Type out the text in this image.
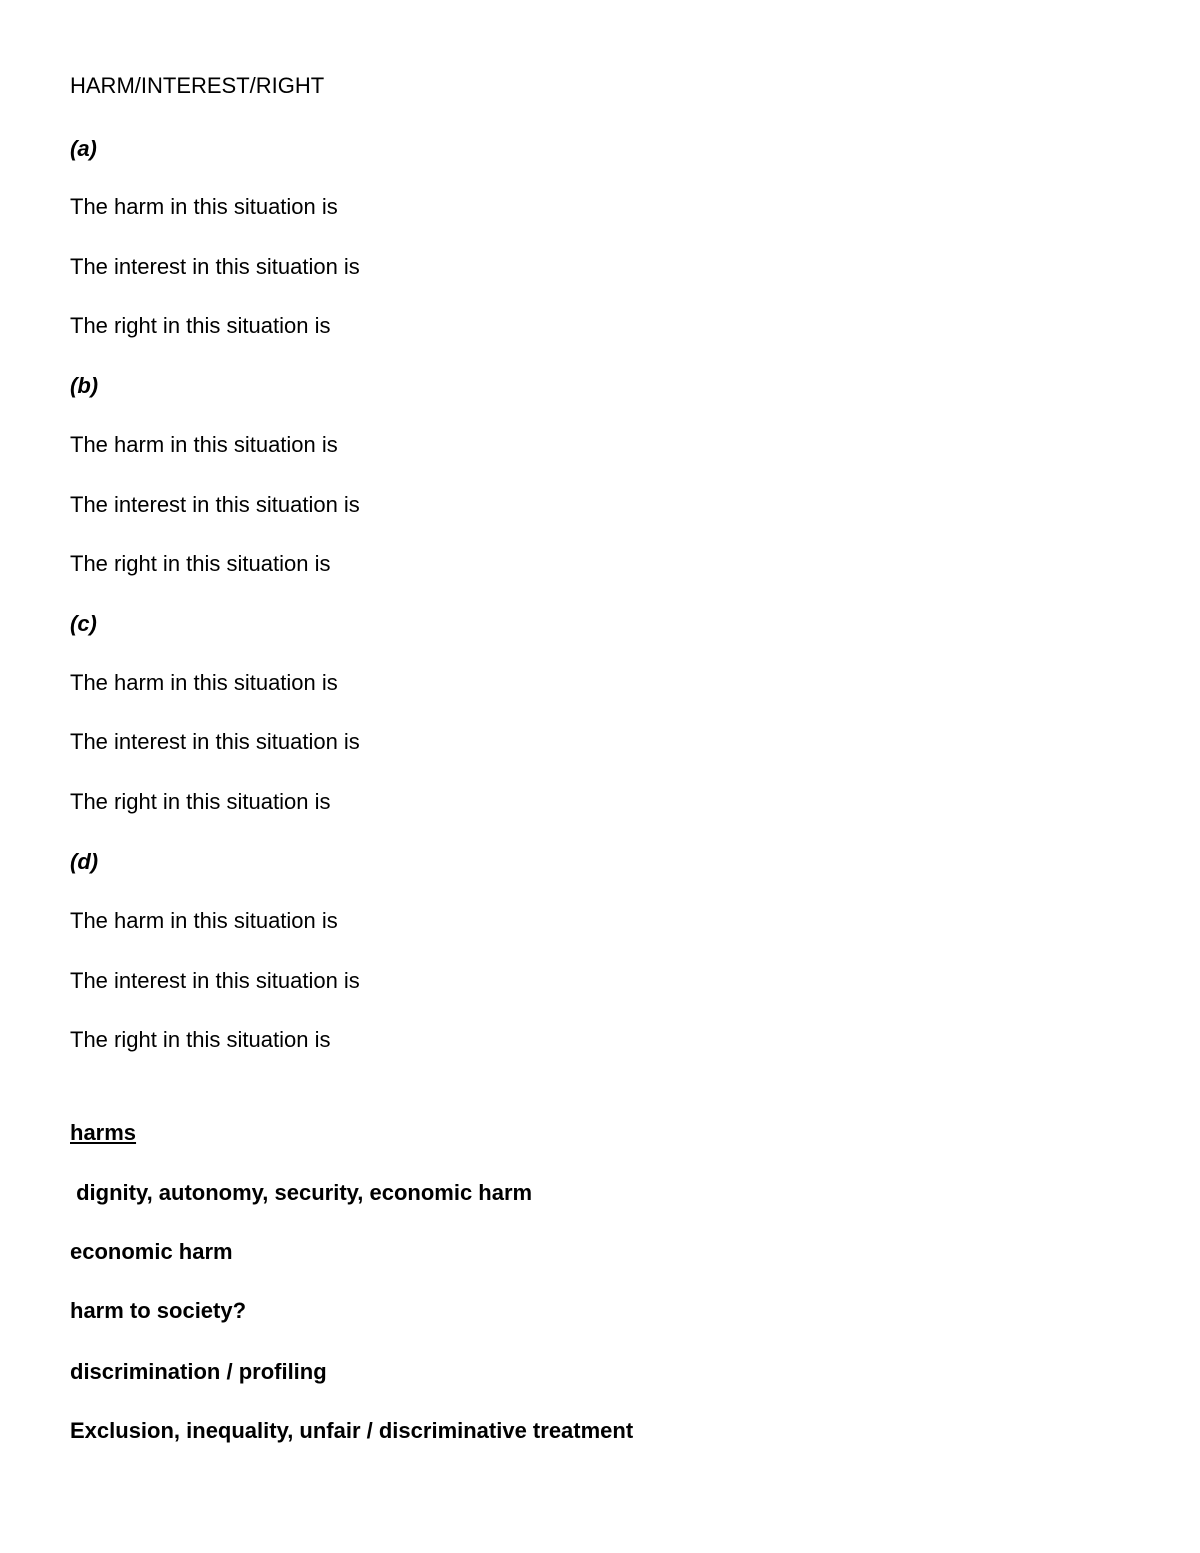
HARM/INTEREST/RIGHT
(a)
The harm in this situation is
The interest in this situation is
The right in this situation is
(b)
The harm in this situation is
The interest in this situation is
The right in this situation is
(c)
The harm in this situation is
The interest in this situation is
The right in this situation is
(d)
The harm in this situation is
The interest in this situation is
The right in this situation is
harms
dignity, autonomy, security, economic harm
economic harm
harm to society?
discrimination / profiling
Exclusion, inequality, unfair / discriminative treatment
